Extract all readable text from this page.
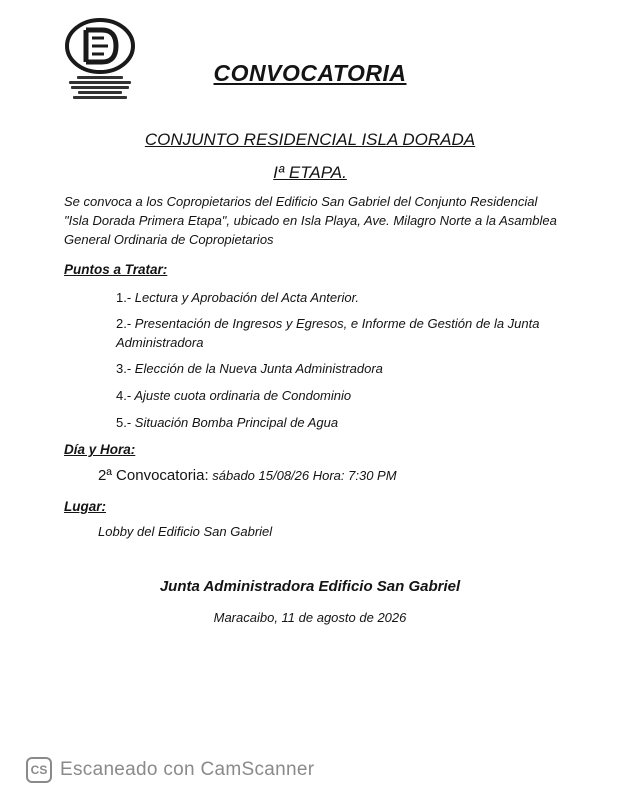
CONVOCATORIA
CONJUNTO RESIDENCIAL ISLA DORADA
Iª ETAPA.
Se convoca a los Copropietarios del Edificio San Gabriel del Conjunto Residencial "Isla Dorada Primera Etapa", ubicado en Isla Playa, Ave. Milagro Norte a la Asamblea General Ordinaria de Copropietarios
Puntos a Tratar:
1.- Lectura y Aprobación del Acta Anterior.
2.- Presentación de Ingresos y Egresos, e Informe de Gestión de la Junta Administradora
3.- Elección de la Nueva Junta Administradora
4.- Ajuste cuota ordinaria de Condominio
5.- Situación Bomba Principal de Agua
Día y Hora:
2ª Convocatoria: sábado 15/08/26 Hora: 7:30 PM
Lugar:
Lobby del Edificio San Gabriel
Junta Administradora Edificio San Gabriel
Maracaibo, 11 de agosto de 2026
CS Escaneado con CamScanner
